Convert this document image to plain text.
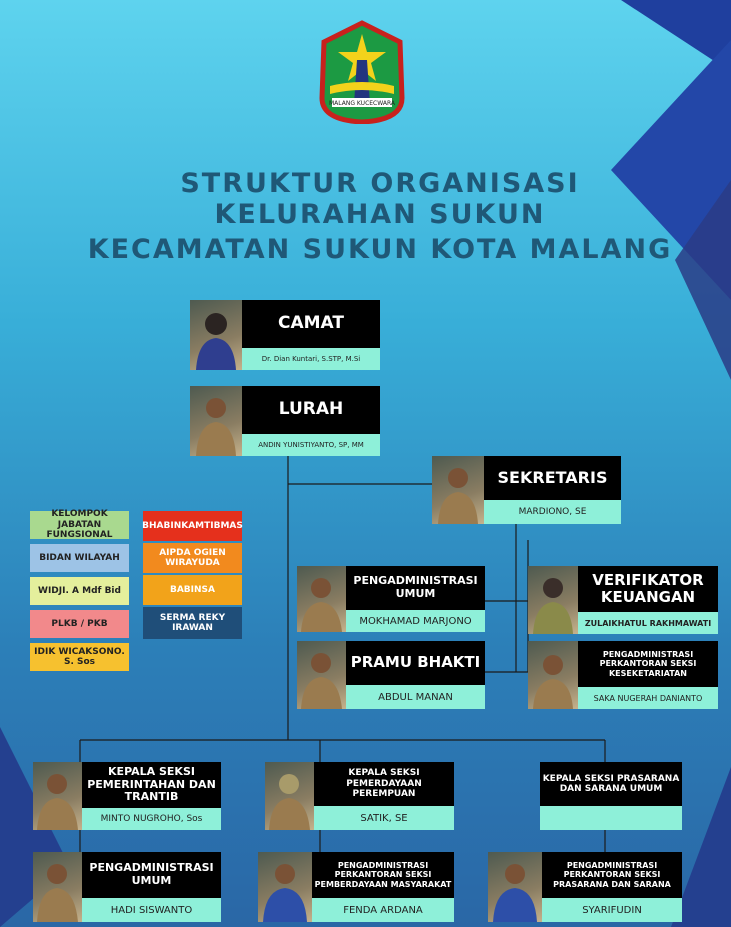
MALANG KUCECWARA
STRUKTUR ORGANISASI
KELURAHAN SUKUN
KECAMATAN SUKUN KOTA MALANG
CAMAT
Dr. Dian Kuntari, S.STP, M.Si
LURAH
ANDIN YUNISTIYANTO, SP, MM
SEKRETARIS
MARDIONO, SE
PENGADMINISTRASI UMUM
MOKHAMAD MARJONO
PRAMU BHAKTI
ABDUL MANAN
VERIFIKATOR KEUANGAN
ZULAIKHATUL RAKHMAWATI
PENGADMINISTRASI PERKANTORAN SEKSI KESEKETARIATAN
SAKA NUGERAH DANIANTO
KELOMPOK JABATAN FUNGSIONAL
BIDAN WILAYAH
WIDJI. A Mdf Bid
PLKB / PKB
IDIK WICAKSONO. S. Sos
BHABINKAMTIBMAS
AIPDA OGIEN WIRAYUDA
BABINSA
SERMA REKY IRAWAN
KEPALA SEKSI PEMERINTAHAN DAN TRANTIB
MINTO NUGROHO, Sos
KEPALA SEKSI PEMERDAYAAN PEREMPUAN
SATIK, SE
KEPALA SEKSI PRASARANA DAN SARANA UMUM
PENGADMINISTRASI UMUM
HADI SISWANTO
PENGADMINISTRASI PERKANTORAN SEKSI PEMBERDAYAAN MASYARAKAT
FENDA ARDANA
PENGADMINISTRASI PERKANTORAN SEKSI PRASARANA DAN SARANA
SYARIFUDIN
